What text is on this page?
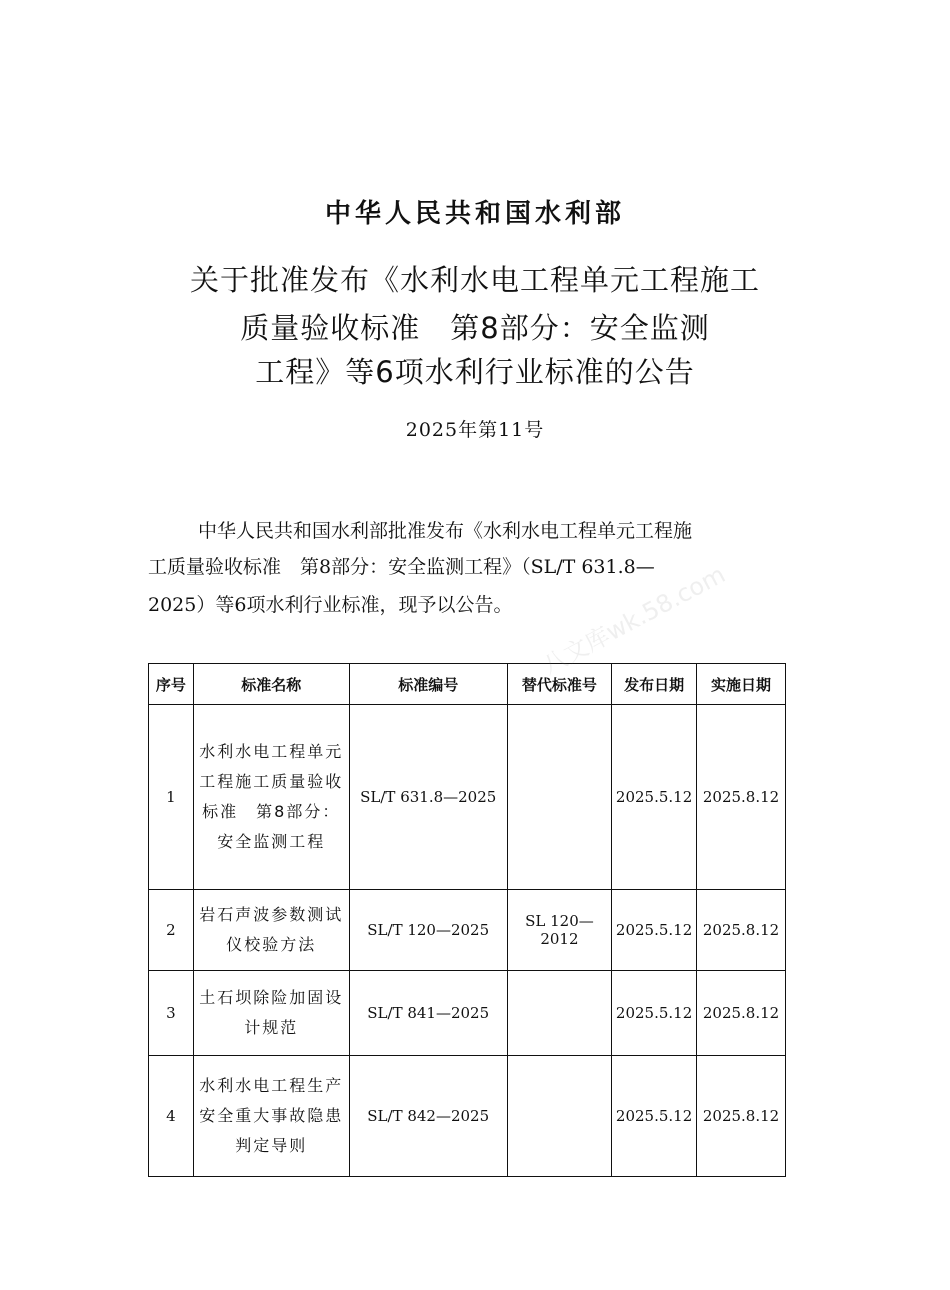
中华人民共和国水利部
关于批准发布《水利水电工程单元工程施工
质量验收标准　第8部分：安全监测
工程》等6项水利行业标准的公告
2025年第11号
中华人民共和国水利部批准发布《水利水电工程单元工程施
工质量验收标准　第8部分：安全监测工程》（SL/T 631.8—
2025）等6项水利行业标准，现予以公告。
序号	标准名称	标准编号	替代标准号	发布日期	实施日期
1	水利水电工程单元工程施工质量验收标准　第8部分：安全监测工程	SL/T 631.8—2025		2025.5.12	2025.8.12
2	岩石声波参数测试仪校验方法	SL/T 120—2025	SL 120—2012	2025.5.12	2025.8.12
3	土石坝除险加固设计规范	SL/T 841—2025		2025.5.12	2025.8.12
4	水利水电工程生产安全重大事故隐患判定导则	SL/T 842—2025		2025.5.12	2025.8.12
八文库wk.58.com
